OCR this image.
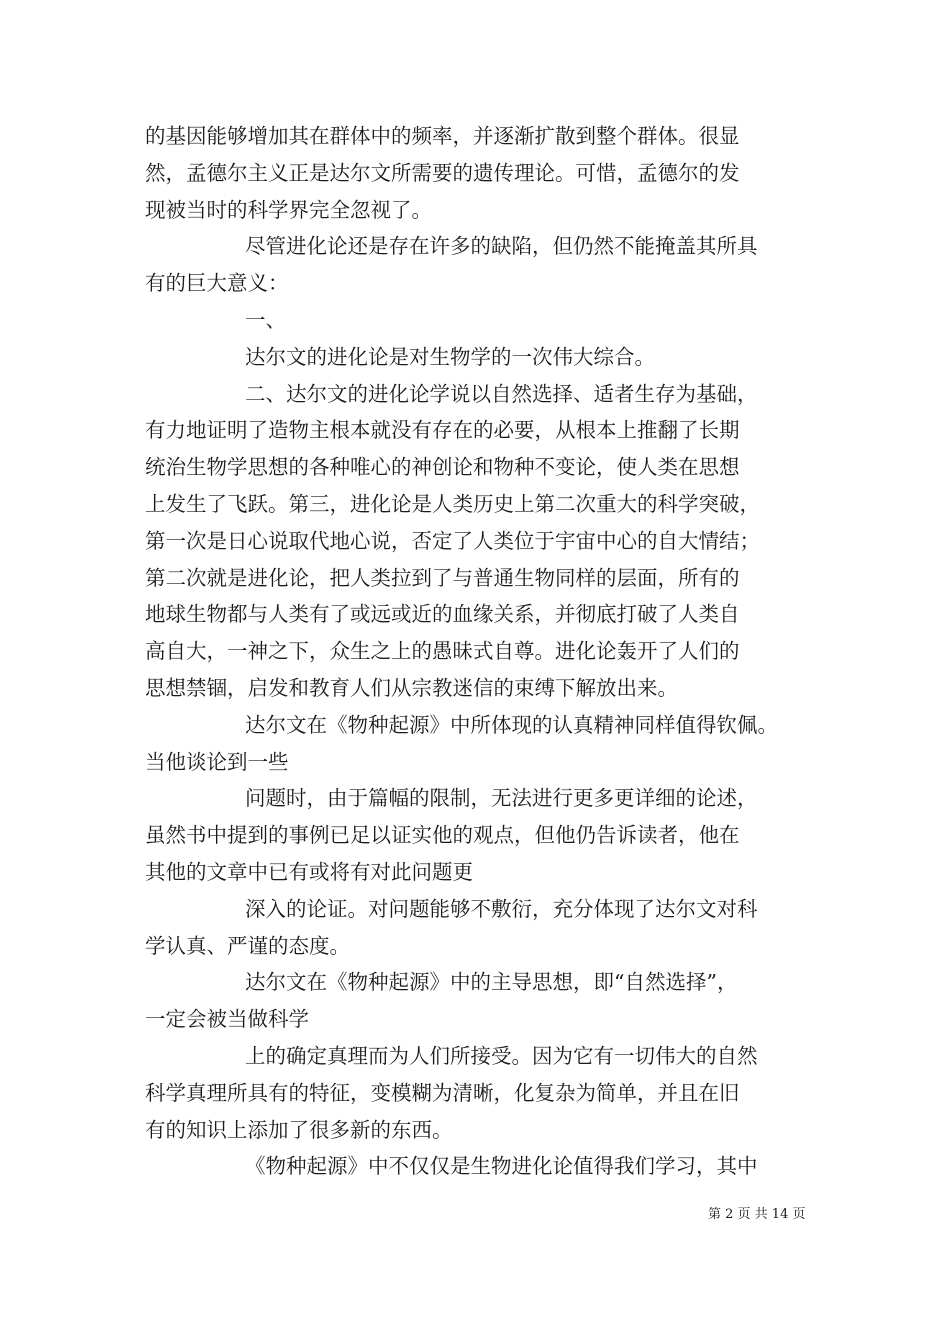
的基因能够增加其在群体中的频率，并逐渐扩散到整个群体。很显
然，孟德尔主义正是达尔文所需要的遗传理论。可惜，孟德尔的发
现被当时的科学界完全忽视了。
尽管进化论还是存在许多的缺陷，但仍然不能掩盖其所具
有的巨大意义：
一、
达尔文的进化论是对生物学的一次伟大综合。
二、达尔文的进化论学说以自然选择、适者生存为基础，
有力地证明了造物主根本就没有存在的必要，从根本上推翻了长期
统治生物学思想的各种唯心的神创论和物种不变论，使人类在思想
上发生了飞跃。第三，进化论是人类历史上第二次重大的科学突破，
第一次是日心说取代地心说，否定了人类位于宇宙中心的自大情结；
第二次就是进化论，把人类拉到了与普通生物同样的层面，所有的
地球生物都与人类有了或远或近的血缘关系，并彻底打破了人类自
高自大，一神之下，众生之上的愚昧式自尊。进化论轰开了人们的
思想禁锢，启发和教育人们从宗教迷信的束缚下解放出来。
达尔文在《物种起源》中所体现的认真精神同样值得钦佩。
当他谈论到一些
问题时，由于篇幅的限制，无法进行更多更详细的论述，
虽然书中提到的事例已足以证实他的观点，但他仍告诉读者，他在
其他的文章中已有或将有对此问题更
深入的论证。对问题能够不敷衍，充分体现了达尔文对科
学认真、严谨的态度。
达尔文在《物种起源》中的主导思想，即“自然选择”，
一定会被当做科学
上的确定真理而为人们所接受。因为它有一切伟大的自然
科学真理所具有的特征，变模糊为清晰，化复杂为简单，并且在旧
有的知识上添加了很多新的东西。
《物种起源》中不仅仅是生物进化论值得我们学习，其中
第 2 页 共 14 页
